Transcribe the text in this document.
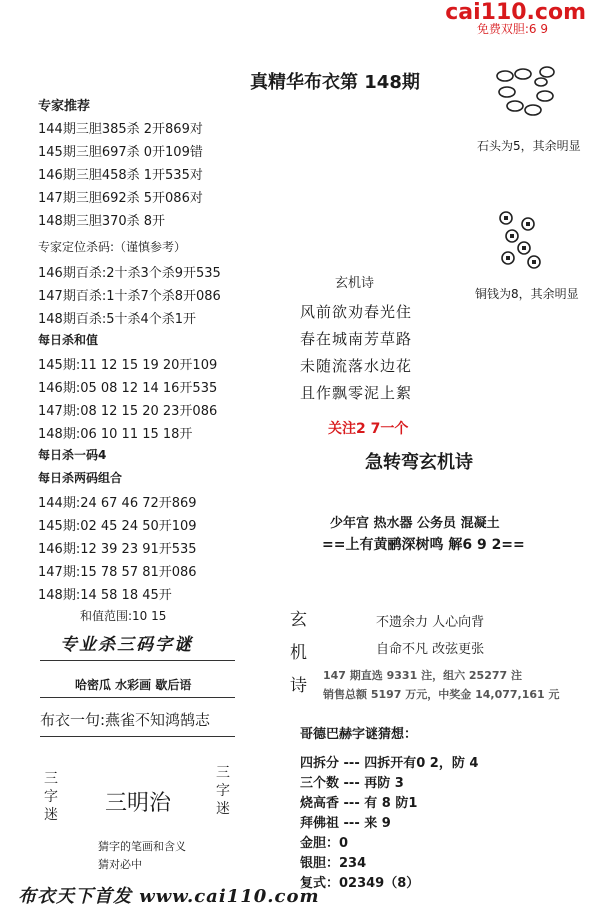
cai110.com
免费双胆:6 9
真精华布衣第 148期
专家推荐
144期三胆385杀 2开869对
145期三胆697杀 0开109错
146期三胆458杀 1开535对
147期三胆692杀 5开086对
148期三胆370杀 8开
专家定位杀码:（谨慎参考）
146期百杀:2十杀3个杀9开535
147期百杀:1十杀7个杀8开086
148期百杀:5十杀4个杀1开
每日杀和值
145期:11 12 15 19 20开109
146期:05 08 12 14 16开535
147期:08 12 15 20 23开086
148期:06 10 11 15 18开
每日杀一码4
每日杀两码组合
144期:24 67 46 72开869
145期:02 45 24 50开109
146期:12 39 23 91开535
147期:15 78 57 81开086
148期:14 58 18 45开
和值范围:10 15
专业杀三码字谜
哈密瓜 水彩画 歇后语
布衣一句:燕雀不知鸿鹄志
三
字
迷 三明治
三
字
迷
猜字的笔画和含义
猜对必中
布衣天下首发 www.cai110.com
石头为5，其余明显
铜钱为8，其余明显
玄机诗
风前欲劝春光住
春在城南芳草路
未随流落水边花
且作飘零泥上絮
关注2 7一个
急转弯玄机诗
少年宫 热水器 公务员 混凝土
==上有黄鹂深树鸣 解6 9 2==
玄
机
诗
不遗余力 人心向背
自命不凡 改弦更张
147 期直选 9331 注，组六 25277 注
销售总额 5197 万元，中奖金 14,077,161 元
哥德巴赫字谜猜想：
四拆分 --- 四拆开有0 2，防 4
三个数 --- 再防 3
烧高香 --- 有 8 防1
拜佛祖 --- 来 9
金胆：0
银胆：234
复式：02349（8）
